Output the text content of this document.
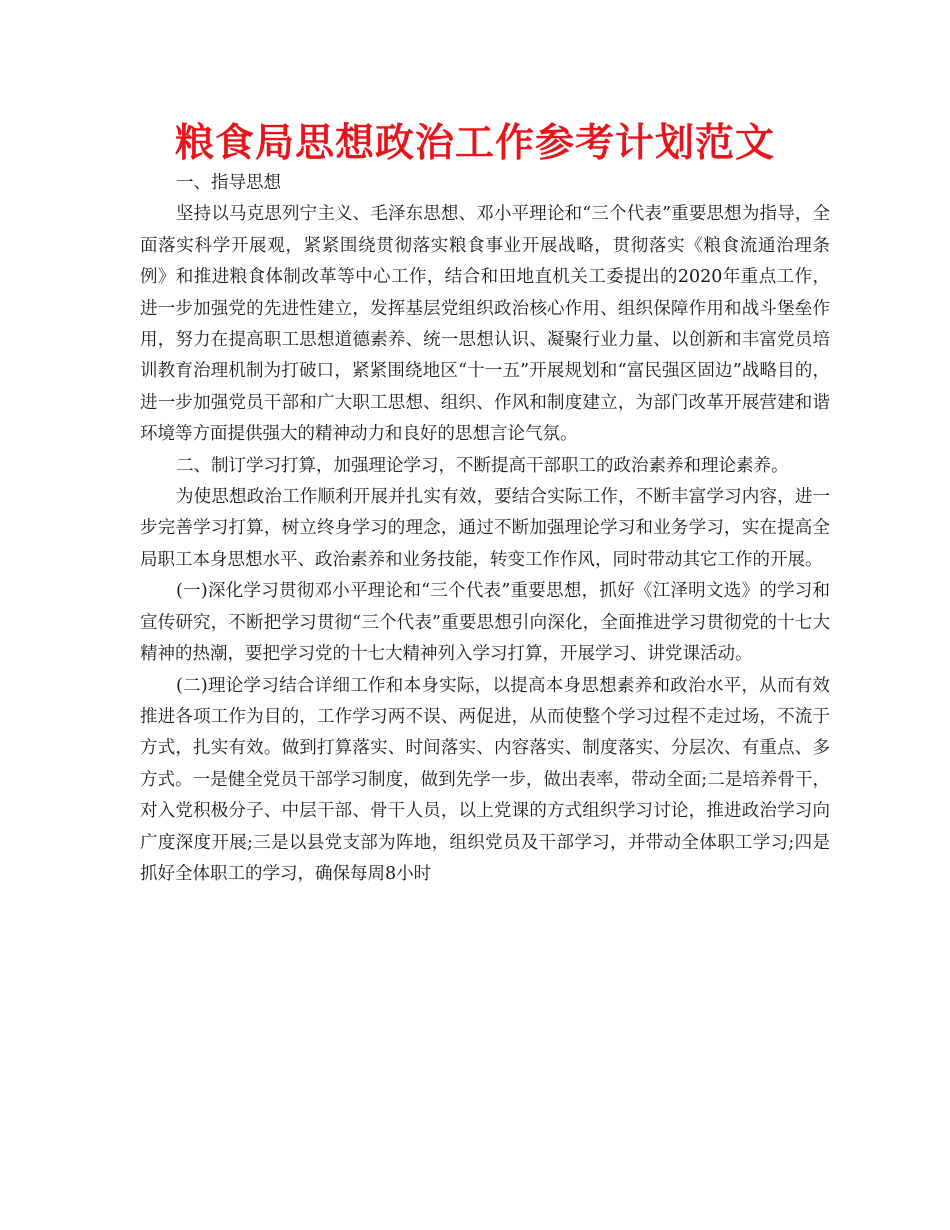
粮食局思想政治工作参考计划范文

一、指导思想

坚持以马克思列宁主义、毛泽东思想、邓小平理论和“三个代表”重要思想为指导，全面落实科学开展观，紧紧围绕贯彻落实粮食事业开展战略，贯彻落实《粮食流通治理条例》和推进粮食体制改革等中心工作，结合和田地直机关工委提出的2020年重点工作，进一步加强党的先进性建立，发挥基层党组织政治核心作用、组织保障作用和战斗堡垒作用，努力在提高职工思想道德素养、统一思想认识、凝聚行业力量、以创新和丰富党员培训教育治理机制为打破口，紧紧围绕地区“十一五”开展规划和“富民强区固边”战略目的，进一步加强党员干部和广大职工思想、组织、作风和制度建立，为部门改革开展营建和谐环境等方面提供强大的精神动力和良好的思想言论气氛。

二、制订学习打算，加强理论学习，不断提高干部职工的政治素养和理论素养。

为使思想政治工作顺利开展并扎实有效，要结合实际工作，不断丰富学习内容，进一步完善学习打算，树立终身学习的理念，通过不断加强理论学习和业务学习，实在提高全局职工本身思想水平、政治素养和业务技能，转变工作作风，同时带动其它工作的开展。

(一)深化学习贯彻邓小平理论和“三个代表”重要思想，抓好《江泽明文选》的学习和宣传研究，不断把学习贯彻“三个代表”重要思想引向深化，全面推进学习贯彻党的十七大精神的热潮，要把学习党的十七大精神列入学习打算，开展学习、讲党课活动。

(二)理论学习结合详细工作和本身实际，以提高本身思想素养和政治水平，从而有效推进各项工作为目的，工作学习两不误、两促进，从而使整个学习过程不走过场，不流于方式，扎实有效。做到打算落实、时间落实、内容落实、制度落实、分层次、有重点、多方式。一是健全党员干部学习制度，做到先学一步，做出表率，带动全面;二是培养骨干，对入党积极分子、中层干部、骨干人员，以上党课的方式组织学习讨论，推进政治学习向广度深度开展;三是以县党支部为阵地，组织党员及干部学习，并带动全体职工学习;四是抓好全体职工的学习，确保每周8小时
